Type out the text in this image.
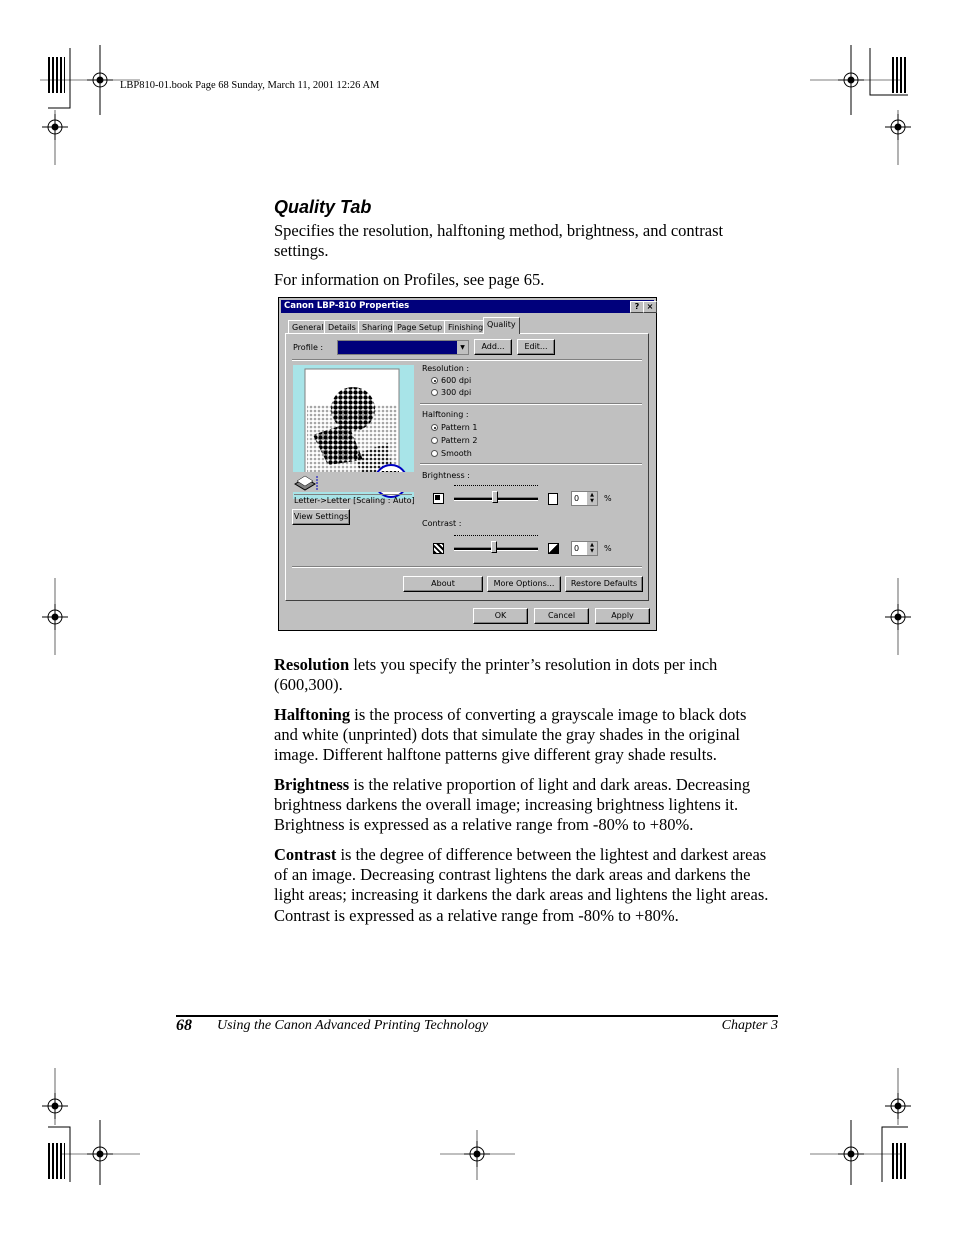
LBP810-01.book Page 68 Sunday, March 11, 2001 12:26 AM
Quality Tab

Specifies the resolution, halftoning method, brightness, and contrast settings.

For information on Profiles, see page 65.

Canon LBP-810 Properties	? ×
General Details Sharing Page Setup Finishing Quality
Profile :	▼	Add...	Edit...
Letter->Letter [Scaling : Auto]
View Settings
Resolution :
600 dpi
300 dpi
Halftoning :
Pattern 1
Pattern 2
Smooth
Brightness :
0	▲
▼	%
Contrast :
0	▲
▼	%
About	More Options...	Restore Defaults
OK	Cancel	Apply

Resolution lets you specify the printer’s resolution in dots per inch (600,300).

Halftoning is the process of converting a grayscale image to black dots and white (unprinted) dots that simulate the gray shades in the original image. Different halftone patterns give different gray shade results.

Brightness is the relative proportion of light and dark areas. Decreasing brightness darkens the overall image; increasing brightness lightens it. Brightness is expressed as a relative range from -80% to +80%.

Contrast is the degree of difference between the lightest and darkest areas of an image. Decreasing contrast lightens the dark areas and darkens the light areas; increasing it darkens the dark areas and lightens the light areas. Contrast is expressed as a relative range from -80% to +80%.

68 Using the Canon Advanced Printing Technology	Chapter 3
